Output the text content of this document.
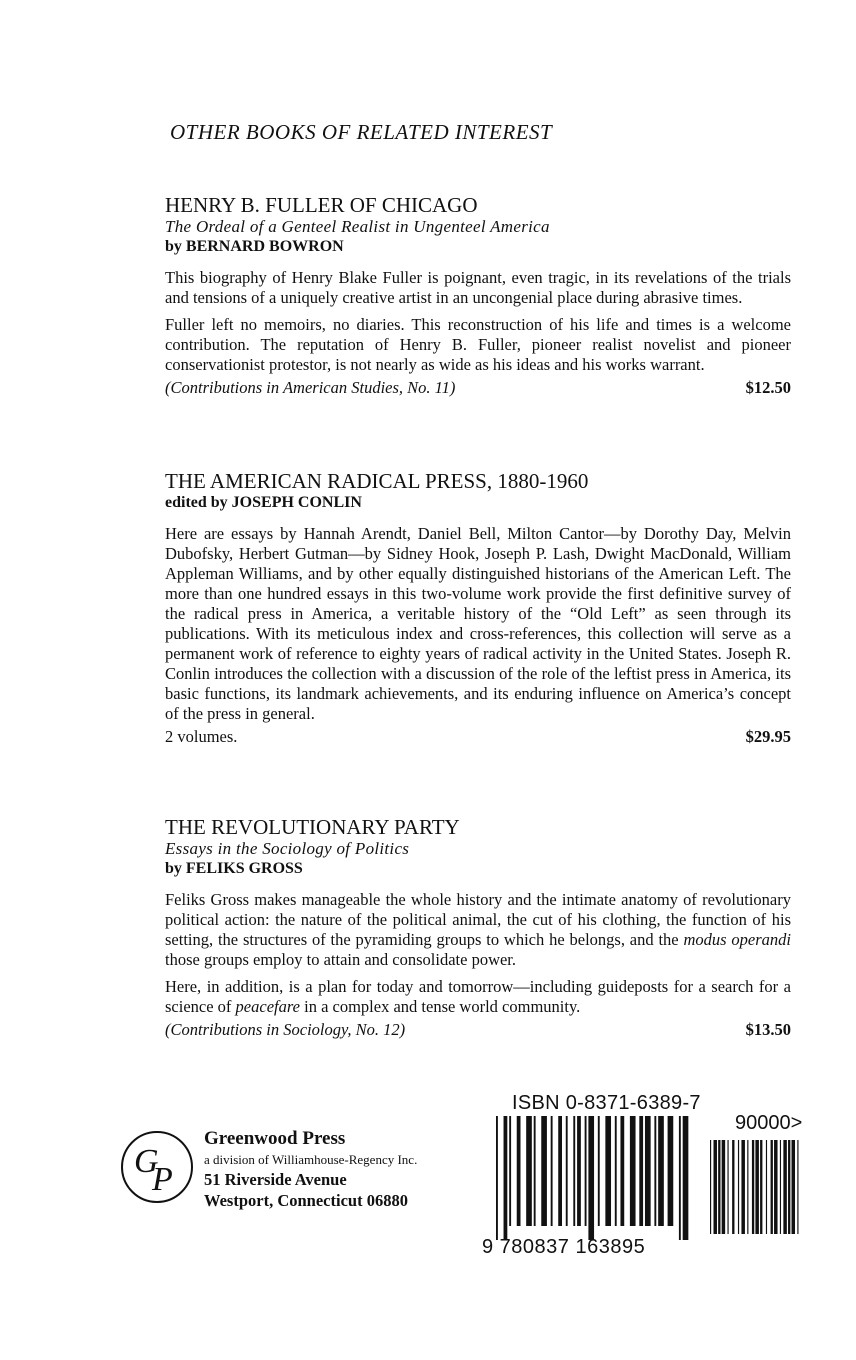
OTHER BOOKS OF RELATED INTEREST
HENRY B. FULLER OF CHICAGO
The Ordeal of a Genteel Realist in Ungenteel America
by BERNARD BOWRON

This biography of Henry Blake Fuller is poignant, even tragic, in its revelations of the trials and tensions of a uniquely creative artist in an uncongenial place during abrasive times.

Fuller left no memoirs, no diaries. This reconstruction of his life and times is a welcome contribution. The reputation of Henry B. Fuller, pioneer realist novelist and pioneer conservationist protestor, is not nearly as wide as his ideas and his works warrant.

(Contributions in American Studies, No. 11)	$12.50
THE AMERICAN RADICAL PRESS, 1880-1960
edited by JOSEPH CONLIN

Here are essays by Hannah Arendt, Daniel Bell, Milton Cantor—by Dorothy Day, Melvin Dubofsky, Herbert Gutman—by Sidney Hook, Joseph P. Lash, Dwight MacDonald, William Appleman Williams, and by other equally distinguished historians of the American Left. The more than one hundred essays in this two-volume work provide the first definitive survey of the radical press in America, a veritable history of the “Old Left” as seen through its publications. With its meticulous index and cross-references, this collection will serve as a permanent work of reference to eighty years of radical activity in the United States. Joseph R. Conlin introduces the collection with a discussion of the role of the leftist press in America, its basic functions, its landmark achievements, and its enduring influence on America’s concept of the press in general.

2 volumes.	$29.95
THE REVOLUTIONARY PARTY
Essays in the Sociology of Politics
by FELIKS GROSS

Feliks Gross makes manageable the whole history and the intimate anatomy of revolutionary political action: the nature of the political animal, the cut of his clothing, the function of his setting, the structures of the pyramiding groups to which he belongs, and the modus operandi those groups employ to attain and consolidate power.

Here, in addition, is a plan for today and tomorrow—including guideposts for a search for a science of peacefare in a complex and tense world community.

(Contributions in Sociology, No. 12)	$13.50
G
P
Greenwood Press
a division of Williamhouse-Regency Inc.
51 Riverside Avenue
Westport, Connecticut 06880
ISBN 0-8371-6389-7
9 780837 163895
90000>
